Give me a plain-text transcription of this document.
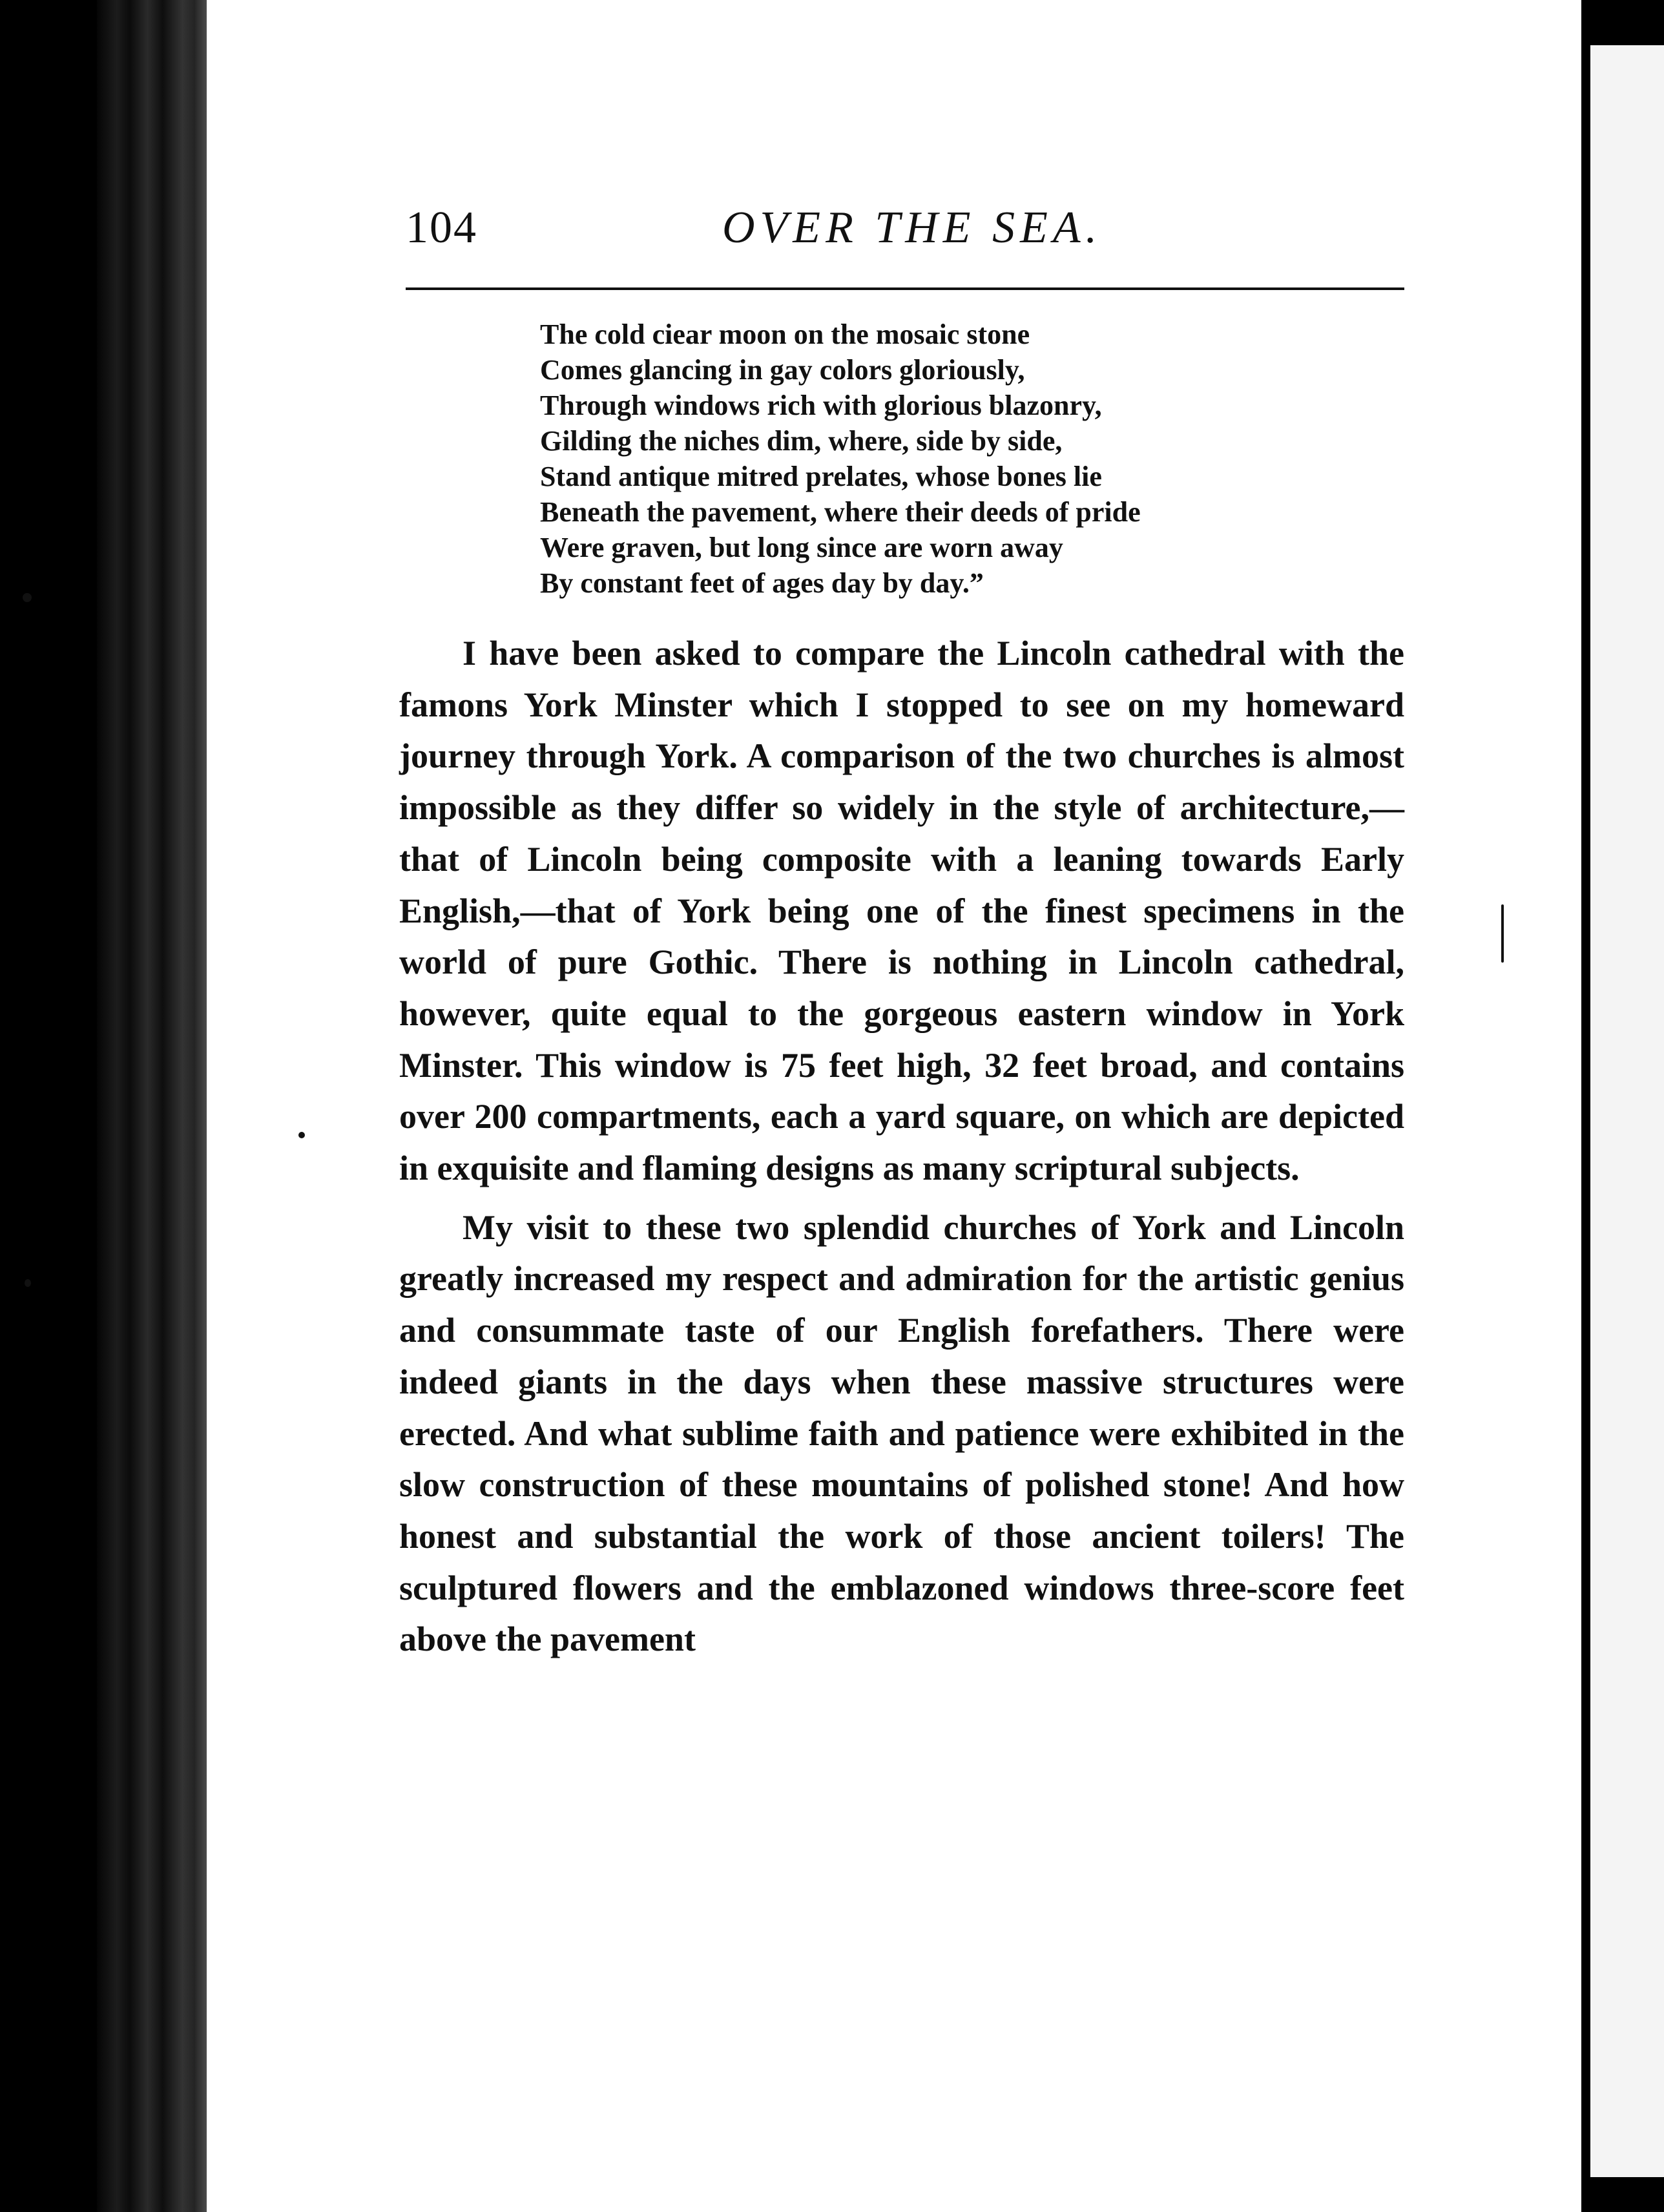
104	OVER THE SEA.
The cold ciear moon on the mosaic stone
Comes glancing in gay colors gloriously,
Through windows rich with glorious blazonry,
Gilding the niches dim, where, side by side,
Stand antique mitred prelates, whose bones lie
Beneath the pavement, where their deeds of pride
Were graven, but long since are worn away
By constant feet of ages day by day.”

I have been asked to compare the Lincoln cathedral with the famons York Minster which I stopped to see on my homeward journey through York. A comparison of the two churches is almost impossible as they differ so widely in the style of architecture,—that of Lincoln being composite with a leaning towards Early English,—that of York being one of the finest specimens in the world of pure Gothic. There is nothing in Lincoln cathedral, however, quite equal to the gorgeous eastern window in York Minster. This window is 75 feet high, 32 feet broad, and contains over 200 compartments, each a yard square, on which are depicted in exquisite and flaming designs as many scriptural subjects.

My visit to these two splendid churches of York and Lincoln greatly increased my respect and admiration for the artistic genius and consummate taste of our English forefathers. There were indeed giants in the days when these massive structures were erected. And what sublime faith and patience were exhibited in the slow construction of these mountains of polished stone! And how honest and substantial the work of those ancient toilers! The sculptured flowers and the emblazoned windows three-score feet above the pavement
